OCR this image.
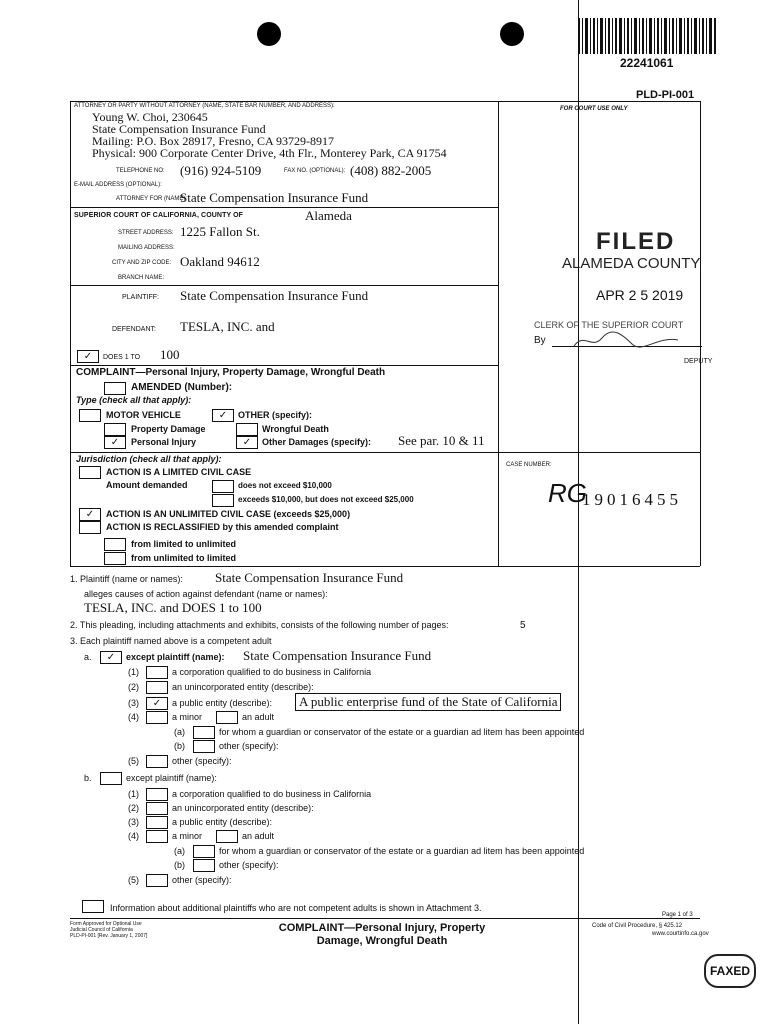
22241061
PLD-PI-001
ATTORNEY OR PARTY WITHOUT ATTORNEY (NAME, STATE BAR NUMBER, AND ADDRESS):
Young W. Choi, 230645
State Compensation Insurance Fund
Mailing: P.O. Box 28917, Fresno, CA 93729-8917
Physical: 900 Corporate Center Drive, 4th Flr., Monterey Park, CA 91754
TELEPHONE NO: (916) 924-5109	FAX NO. (OPTIONAL): (408) 882-2005
E-MAIL ADDRESS (OPTIONAL):
ATTORNEY FOR (NAME):
State Compensation Insurance Fund
SUPERIOR COURT OF CALIFORNIA, COUNTY OF	Alameda
STREET ADDRESS: 1225 Fallon St.
MAILING ADDRESS:
CITY AND ZIP CODE: Oakland 94612
BRANCH NAME:
PLAINTIFF: State Compensation Insurance Fund
DEFENDANT: TESLA, INC. and
✓	DOES 1 TO 100
COMPLAINT—Personal Injury, Property Damage, Wrongful Death
AMENDED (Number):
Type (check all that apply):
MOTOR VEHICLE	✓	OTHER (specify):
Property Damage	Wrongful Death
✓	Personal Injury	✓	Other Damages (specify): See par. 10 & 11
Jurisdiction (check all that apply):
ACTION IS A LIMITED CIVIL CASE
Amount demanded	does not exceed $10,000
exceeds $10,000, but does not exceed $25,000
✓	ACTION IS AN UNLIMITED CIVIL CASE (exceeds $25,000)
ACTION IS RECLASSIFIED by this amended complaint
from limited to unlimited
from unlimited to limited
FOR COURT USE ONLY
FILED
ALAMEDA COUNTY
APR 2 5 2019
CLERK OF THE SUPERIOR COURT
By
DEPUTY
CASE NUMBER:
RG
19016455
1. Plaintiff (name or names): State Compensation Insurance Fund
alleges causes of action against defendant (name or names):
TESLA, INC. and DOES 1 to 100
2. This pleading, including attachments and exhibits, consists of the following number of pages:	5
3. Each plaintiff named above is a competent adult
a.	✓	except plaintiff (name): State Compensation Insurance Fund
(1)	a corporation qualified to do business in California
(2)	an unincorporated entity (describe):
(3)	✓	a public entity (describe):	A public enterprise fund of the State of California
(4)	a minor	an adult
(a)	for whom a guardian or conservator of the estate or a guardian ad litem has been appointed
(b)	other (specify):
(5)	other (specify):
b.	except plaintiff (name):
(1)	a corporation qualified to do business in California
(2)	an unincorporated entity (describe):
(3)	a public entity (describe):
(4)	a minor	an adult
(a)	for whom a guardian or conservator of the estate or a guardian ad litem has been appointed
(b)	other (specify):
(5)	other (specify):
Information about additional plaintiffs who are not competent adults is shown in Attachment 3.
Form Approved for Optional Use
Judicial Council of California
PLD-PI-001 [Rev. January 1, 2007]
COMPLAINT—Personal Injury, Property
Damage, Wrongful Death
Page 1 of 3
Code of Civil Procedure, § 425.12
www.courtinfo.ca.gov
FAXED
